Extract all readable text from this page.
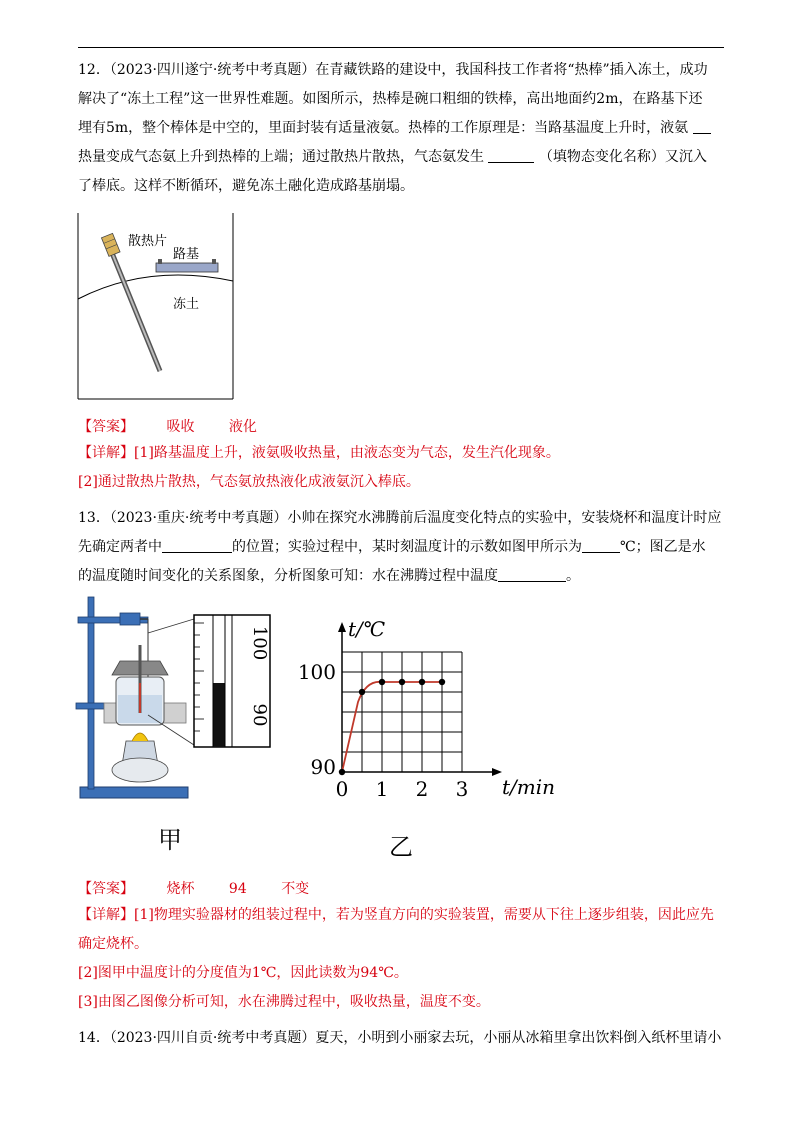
12．（2023·四川遂宁·统考中考真题）在青藏铁路的建设中，我国科技工作者将“热棒”插入冻土，成功
解决了“冻土工程”这一世界性难题。如图所示，热棒是碗口粗细的铁棒，高出地面约2m，在路基下还
埋有5m，整个棒体是中空的，里面封装有适量液氨。热棒的工作原理是：当路基温度上升时，液氨
热量变成气态氨上升到热棒的上端；通过散热片散热，气态氨发生	（填物态变化名称）又沉入
了棒底。这样不断循环，避免冻土融化造成路基崩塌。
散热片
路基
冻土
【答案】 吸收 液化
【详解】[1]路基温度上升，液氨吸收热量，由液态变为气态，发生汽化现象。
[2]通过散热片散热，气态氨放热液化成液氨沉入棒底。
13．（2023·重庆·统考中考真题）小帅在探究水沸腾前后温度变化特点的实验中，安装烧杯和温度计时应
先确定两者中	的位置；实验过程中，某时刻温度计的示数如图甲所示为	℃；图乙是水
的温度随时间变化的关系图象，分析图象可知：水在沸腾过程中温度	。
100
90
甲
0 1 2 3
100
90
t/min
t/℃
乙
【答案】 烧杯 94 不变
【详解】[1]物理实验器材的组装过程中，若为竖直方向的实验装置，需要从下往上逐步组装，因此应先
确定烧杯。
[2]图甲中温度计的分度值为1℃，因此读数为94℃。
[3]由图乙图像分析可知，水在沸腾过程中，吸收热量，温度不变。
14．（2023·四川自贡·统考中考真题）夏天，小明到小丽家去玩，小丽从冰箱里拿出饮料倒入纸杯里请小
